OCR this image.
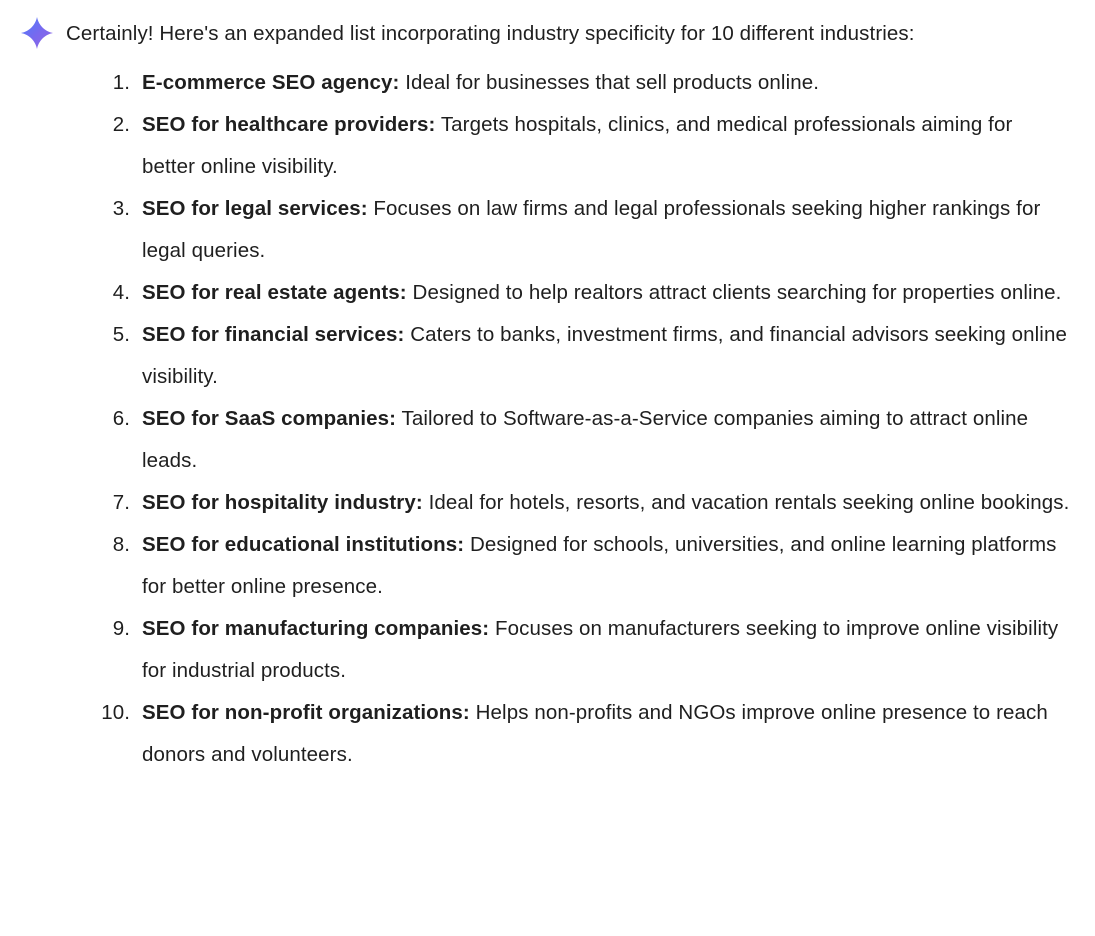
Certainly! Here's an expanded list incorporating industry specificity for 10 different industries:

1. E-commerce SEO agency: Ideal for businesses that sell products online.
2. SEO for healthcare providers: Targets hospitals, clinics, and medical professionals aiming for better online visibility.
3. SEO for legal services: Focuses on law firms and legal professionals seeking higher rankings for legal queries.
4. SEO for real estate agents: Designed to help realtors attract clients searching for properties online.
5. SEO for financial services: Caters to banks, investment firms, and financial advisors seeking online visibility.
6. SEO for SaaS companies: Tailored to Software-as-a-Service companies aiming to attract online leads.
7. SEO for hospitality industry: Ideal for hotels, resorts, and vacation rentals seeking online bookings.
8. SEO for educational institutions: Designed for schools, universities, and online learning platforms for better online presence.
9. SEO for manufacturing companies: Focuses on manufacturers seeking to improve online visibility for industrial products.
10. SEO for non-profit organizations: Helps non-profits and NGOs improve online presence to reach donors and volunteers.
